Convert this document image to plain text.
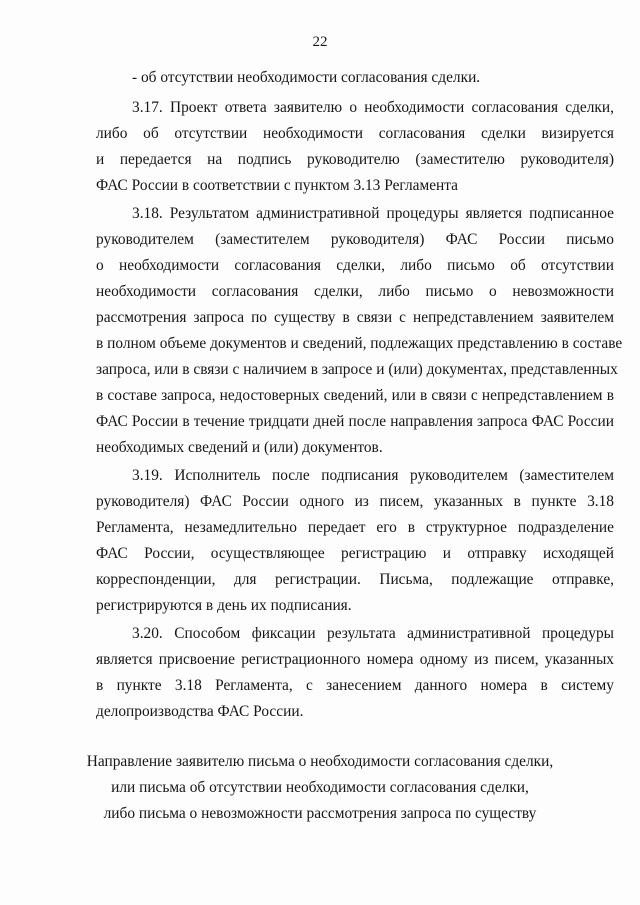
22
- об отсутствии необходимости согласования сделки.
3.17. Проект ответа заявителю о необходимости согласования сделки,
либо об отсутствии необходимости согласования сделки визируется
и передается на подпись руководителю (заместителю руководителя)
ФАС России в соответствии с пунктом 3.13 Регламента
3.18. Результатом административной процедуры является подписанное
руководителем (заместителем руководителя) ФАС России письмо
о необходимости согласования сделки, либо письмо об отсутствии
необходимости согласования сделки, либо письмо о невозможности
рассмотрения запроса по существу в связи с непредставлением заявителем
в полном объеме документов и сведений, подлежащих представлению в составе
запроса, или в связи с наличием в запросе и (или) документах, представленных
в составе запроса, недостоверных сведений, или в связи с непредставлением в
ФАС России в течение тридцати дней после направления запроса ФАС России
необходимых сведений и (или) документов.
3.19. Исполнитель после подписания руководителем (заместителем
руководителя) ФАС России одного из писем, указанных в пункте 3.18
Регламента, незамедлительно передает его в структурное подразделение
ФАС России, осуществляющее регистрацию и отправку исходящей
корреспонденции, для регистрации. Письма, подлежащие отправке,
регистрируются в день их подписания.
3.20. Способом фиксации результата административной процедуры
является присвоение регистрационного номера одному из писем, указанных
в пункте 3.18 Регламента, с занесением данного номера в систему
делопроизводства ФАС России.
Направление заявителю письма о необходимости согласования сделки,
или письма об отсутствии необходимости согласования сделки,
либо письма о невозможности рассмотрения запроса по существу
